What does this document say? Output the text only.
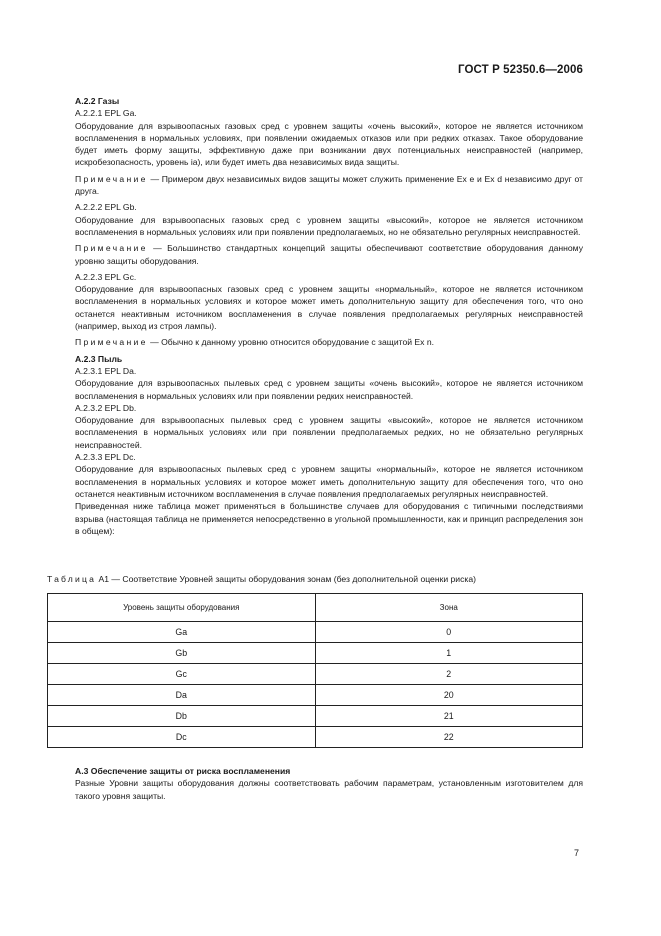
ГОСТ Р 52350.6—2006

А.2.2 Газы

А.2.2.1 EPL Ga.

Оборудование для взрывоопасных газовых сред с уровнем защиты «очень высокий», которое не является источником воспламенения в нормальных условиях, при появлении ожидаемых отказов или при редких отказах. Такое оборудование будет иметь форму защиты, эффективную даже при возникании двух потенциальных неисправностей (например, искробезопасность, уровень ia), или будет иметь два независимых вида защиты.

Примечание — Примером двух независимых видов защиты может служить применение Ex e и Ex d независимо друг от друга.

А.2.2.2 EPL Gb.

Оборудование для взрывоопасных газовых сред с уровнем защиты «высокий», которое не является источником воспламенения в нормальных условиях или при появлении предполагаемых, но не обязательно регулярных неисправностей.

Примечание — Большинство стандартных концепций защиты обеспечивают соответствие оборудования данному уровню защиты оборудования.

А.2.2.3 EPL Gc.

Оборудование для взрывоопасных газовых сред с уровнем защиты «нормальный», которое не является источником воспламенения в нормальных условиях и которое может иметь дополнительную защиту для обеспечения того, что оно останется неактивным источником воспламенения в случае появления предполагаемых регулярных неисправностей (например, выход из строя лампы).

Примечание — Обычно к данному уровню относится оборудование с защитой Ex n.

А.2.3 Пыль

А.2.3.1 EPL Da.

Оборудование для взрывоопасных пылевых сред с уровнем защиты «очень высокий», которое не является источником воспламенения в нормальных условиях или при появлении редких неисправностей.

А.2.3.2 EPL Db.

Оборудование для взрывоопасных пылевых сред с уровнем защиты «высокий», которое не является источником воспламенения в нормальных условиях или при появлении предполагаемых редких, но не обязательно регулярных неисправностей.

А.2.3.3 EPL Dc.

Оборудование для взрывоопасных пылевых сред с уровнем защиты «нормальный», которое не является источником воспламенения в нормальных условиях и которое может иметь дополнительную защиту для обеспечения того, что оно останется неактивным источником воспламенения в случае появления предполагаемых регулярных неисправностей.

Приведенная ниже таблица может применяться в большинстве случаев для оборудования с типичными последствиями взрыва (настоящая таблица не применяется непосредственно в угольной промышленности, как и принцип распределения зон в общем):

Таблица А1 — Соответствие Уровней защиты оборудования зонам (без дополнительной оценки риска)
Уровень защиты оборудования	Зона
Ga	0
Gb	1
Gc	2
Da	20
Db	21
Dc	22

А.3 Обеспечение защиты от риска воспламенения

Разные Уровни защиты оборудования должны соответствовать рабочим параметрам, установленным изготовителем для такого уровня защиты.

7
